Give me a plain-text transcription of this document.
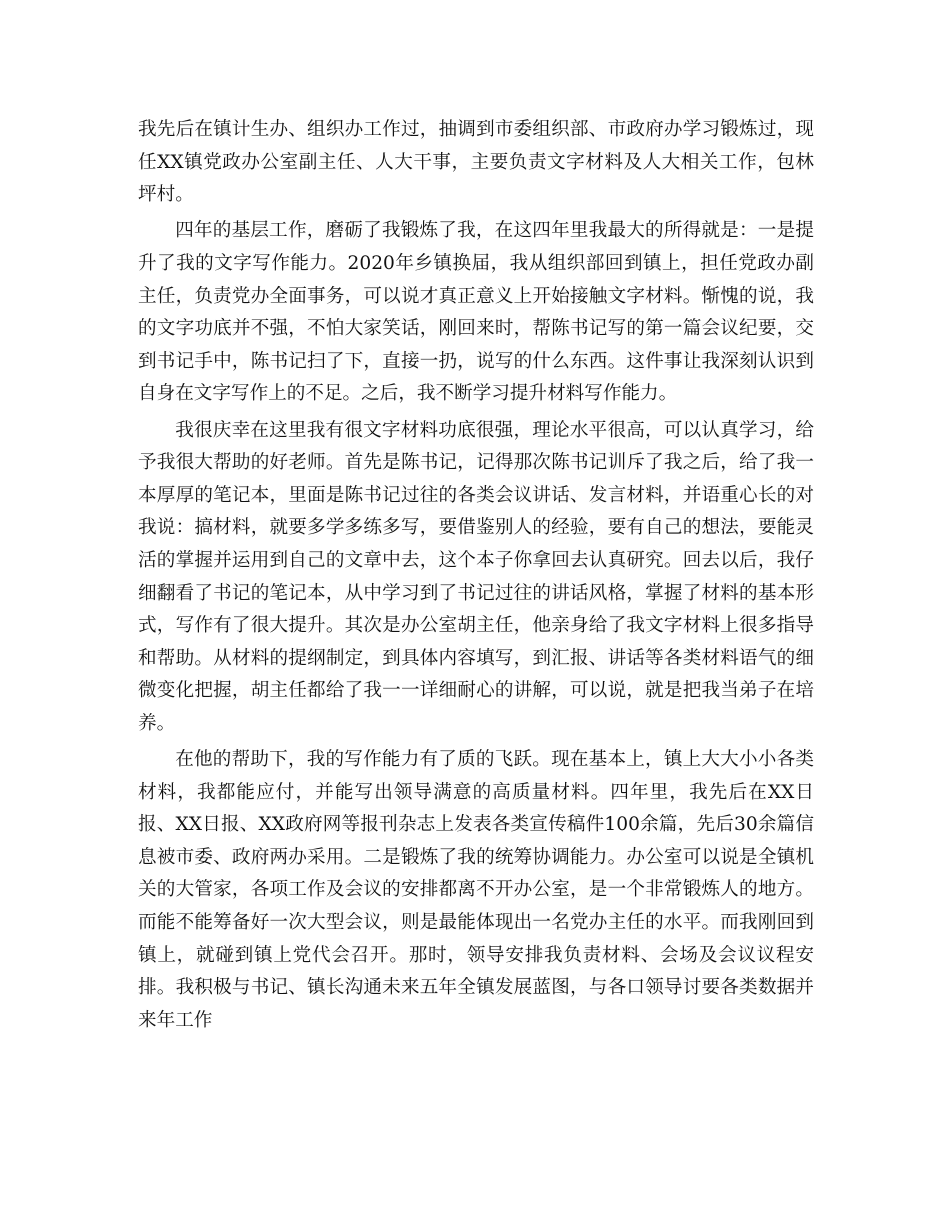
我先后在镇计生办、组织办工作过，抽调到市委组织部、市政府办学习锻炼过，现任XX镇党政办公室副主任、人大干事，主要负责文字材料及人大相关工作，包林坪村。

四年的基层工作，磨砺了我锻炼了我，在这四年里我最大的所得就是：一是提升了我的文字写作能力。2020年乡镇换届，我从组织部回到镇上，担任党政办副主任，负责党办全面事务，可以说才真正意义上开始接触文字材料。惭愧的说，我的文字功底并不强，不怕大家笑话，刚回来时，帮陈书记写的第一篇会议纪要，交到书记手中，陈书记扫了下，直接一扔，说写的什么东西。这件事让我深刻认识到自身在文字写作上的不足。之后，我不断学习提升材料写作能力。

我很庆幸在这里我有很文字材料功底很强，理论水平很高，可以认真学习，给予我很大帮助的好老师。首先是陈书记，记得那次陈书记训斥了我之后，给了我一本厚厚的笔记本，里面是陈书记过往的各类会议讲话、发言材料，并语重心长的对我说：搞材料，就要多学多练多写，要借鉴别人的经验，要有自己的想法，要能灵活的掌握并运用到自己的文章中去，这个本子你拿回去认真研究。回去以后，我仔细翻看了书记的笔记本，从中学习到了书记过往的讲话风格，掌握了材料的基本形式，写作有了很大提升。其次是办公室胡主任，他亲身给了我文字材料上很多指导和帮助。从材料的提纲制定，到具体内容填写，到汇报、讲话等各类材料语气的细微变化把握，胡主任都给了我一一详细耐心的讲解，可以说，就是把我当弟子在培养。

在他的帮助下，我的写作能力有了质的飞跃。现在基本上，镇上大大小小各类材料，我都能应付，并能写出领导满意的高质量材料。四年里，我先后在XX日报、XX日报、XX政府网等报刊杂志上发表各类宣传稿件100余篇，先后30余篇信息被市委、政府两办采用。二是锻炼了我的统筹协调能力。办公室可以说是全镇机关的大管家，各项工作及会议的安排都离不开办公室，是一个非常锻炼人的地方。而能不能筹备好一次大型会议，则是最能体现出一名党办主任的水平。而我刚回到镇上，就碰到镇上党代会召开。那时，领导安排我负责材料、会场及会议议程安排。我积极与书记、镇长沟通未来五年全镇发展蓝图，与各口领导讨要各类数据并来年工作
